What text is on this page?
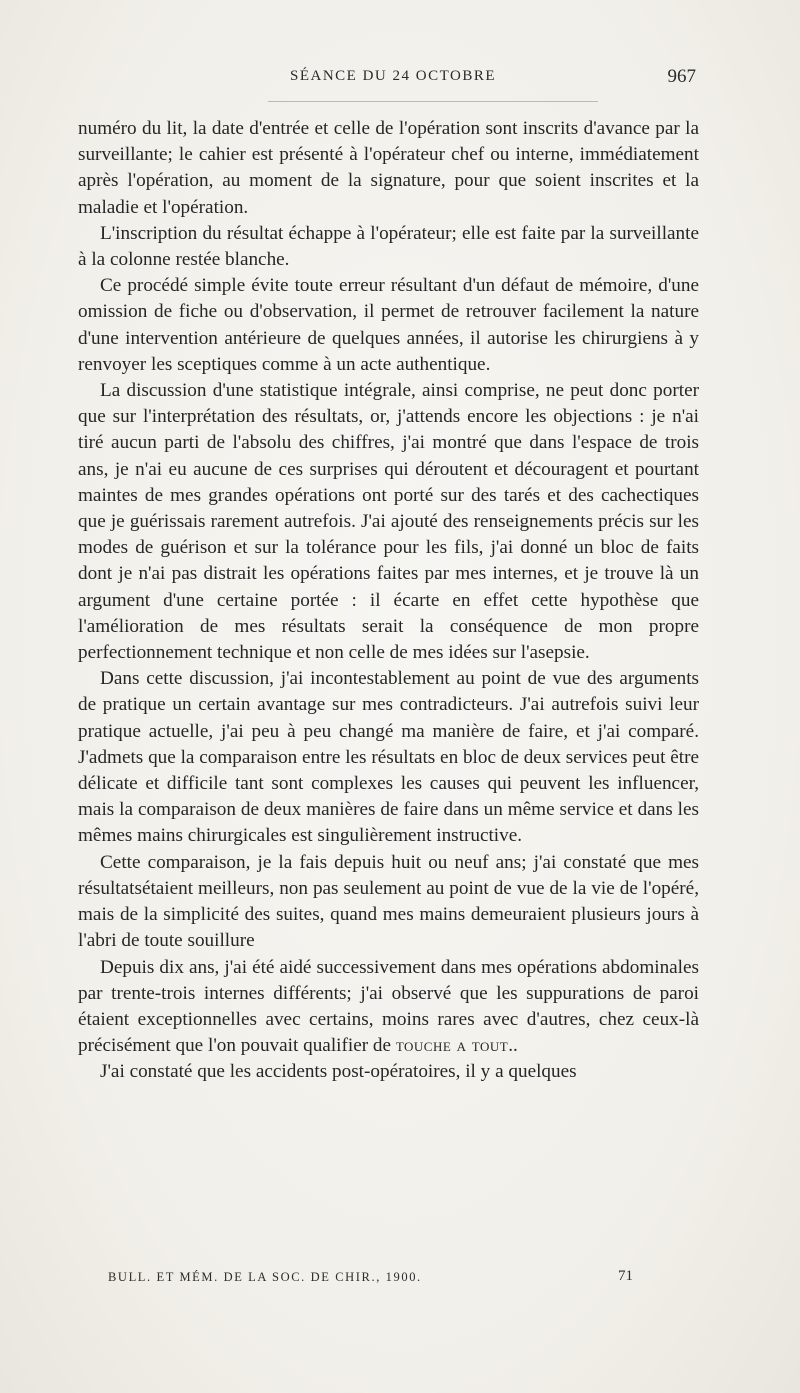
SÉANCE DU 24 OCTOBRE	967

numéro du lit, la date d'entrée et celle de l'opération sont inscrits d'avance par la surveillante; le cahier est présenté à l'opérateur chef ou interne, immédiatement après l'opération, au moment de la signature, pour que soient inscrites et la maladie et l'opération.

L'inscription du résultat échappe à l'opérateur; elle est faite par la surveillante à la colonne restée blanche.

Ce procédé simple évite toute erreur résultant d'un défaut de mémoire, d'une omission de fiche ou d'observation, il permet de retrouver facilement la nature d'une intervention antérieure de quelques années, il autorise les chirurgiens à y renvoyer les sceptiques comme à un acte authentique.

La discussion d'une statistique intégrale, ainsi comprise, ne peut donc porter que sur l'interprétation des résultats, or, j'attends encore les objections : je n'ai tiré aucun parti de l'absolu des chiffres, j'ai montré que dans l'espace de trois ans, je n'ai eu aucune de ces surprises qui déroutent et découragent et pourtant maintes de mes grandes opérations ont porté sur des tarés et des cachectiques que je guérissais rarement autrefois. J'ai ajouté des renseignements précis sur les modes de guérison et sur la tolérance pour les fils, j'ai donné un bloc de faits dont je n'ai pas distrait les opérations faites par mes internes, et je trouve là un argument d'une certaine portée : il écarte en effet cette hypothèse que l'amélioration de mes résultats serait la conséquence de mon propre perfectionnement technique et non celle de mes idées sur l'asepsie.

Dans cette discussion, j'ai incontestablement au point de vue des arguments de pratique un certain avantage sur mes contradicteurs. J'ai autrefois suivi leur pratique actuelle, j'ai peu à peu changé ma manière de faire, et j'ai comparé. J'admets que la comparaison entre les résultats en bloc de deux services peut être délicate et difficile tant sont complexes les causes qui peuvent les influencer, mais la comparaison de deux manières de faire dans un même service et dans les mêmes mains chirurgicales est singulièrement instructive.

Cette comparaison, je la fais depuis huit ou neuf ans; j'ai constaté que mes résultatsétaient meilleurs, non pas seulement au point de vue de la vie de l'opéré, mais de la simplicité des suites, quand mes mains demeuraient plusieurs jours à l'abri de toute souillure

Depuis dix ans, j'ai été aidé successivement dans mes opérations abdominales par trente-trois internes différents; j'ai observé que les suppurations de paroi étaient exceptionnelles avec certains, moins rares avec d'autres, chez ceux-là précisément que l'on pouvait qualifier de touche a tout..

J'ai constaté que les accidents post-opératoires, il y a quelques

BULL. ET MÉM. DE LA SOC. DE CHIR., 1900.	71
